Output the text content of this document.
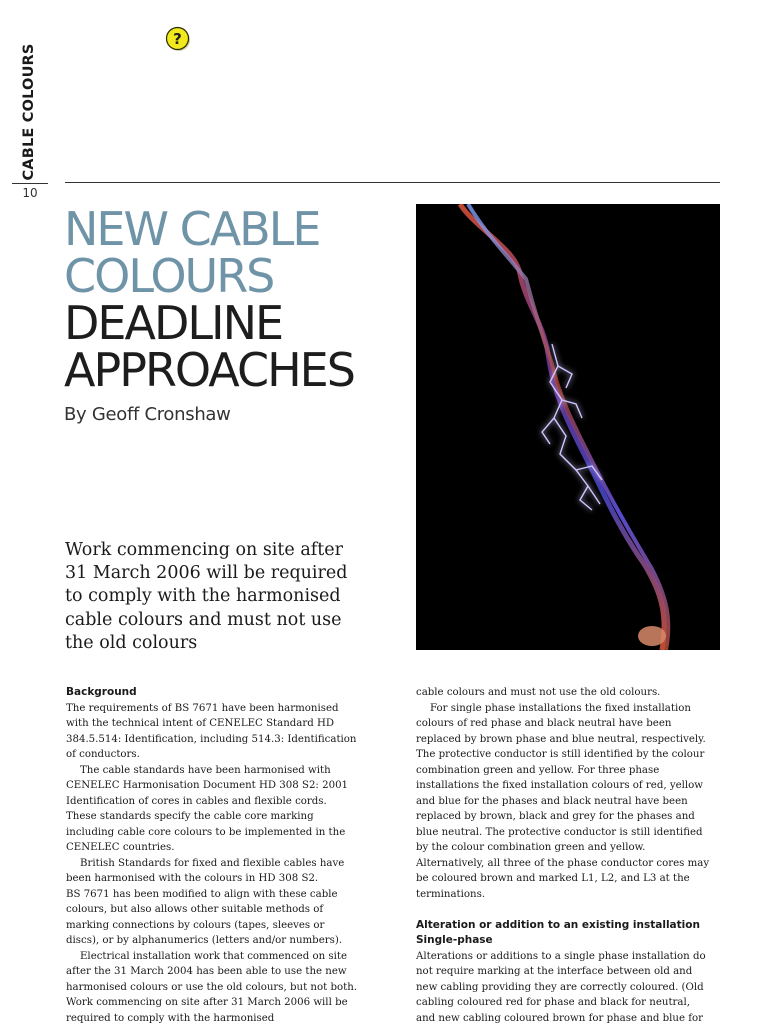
CABLE COLOURS
10
?
NEW CABLE
COLOURS
DEADLINE
APPROACHES
By Geoff Cronshaw
Work commencing on site after 31 March 2006 will be required to comply with the harmonised cable colours and must not use the old colours
Background

The requirements of BS 7671 have been harmonised with the technical intent of CENELEC Standard HD 384.5.514: Identification, including 514.3: Identification of conductors.

The cable standards have been harmonised with CENELEC Harmonisation Document HD 308 S2: 2001 Identification of cores in cables and flexible cords. These standards specify the cable core marking including cable core colours to be implemented in the CENELEC countries.

British Standards for fixed and flexible cables have been harmonised with the colours in HD 308 S2.

BS 7671 has been modified to align with these cable colours, but also allows other suitable methods of marking connections by colours (tapes, sleeves or discs), or by alphanumerics (letters and/or numbers).

Electrical installation work that commenced on site after the 31 March 2004 has been able to use the new harmonised colours or use the old colours, but not both. Work commencing on site after 31 March 2006 will be required to comply with the harmonised

cable colours and must not use the old colours.

For single phase installations the fixed installation colours of red phase and black neutral have been replaced by brown phase and blue neutral, respectively. The protective conductor is still identified by the colour combination green and yellow. For three phase installations the fixed installation colours of red, yellow and blue for the phases and black neutral have been replaced by brown, black and grey for the phases and blue neutral. The protective conductor is still identified by the colour combination green and yellow. Alternatively, all three of the phase conductor cores may be coloured brown and marked L1, L2, and L3 at the terminations.

Alteration or addition to an existing installation
Single-phase

Alterations or additions to a single phase installation do not require marking at the interface between old and new cabling providing they are correctly coloured. (Old cabling coloured red for phase and black for neutral, and new cabling coloured brown for phase and blue for
